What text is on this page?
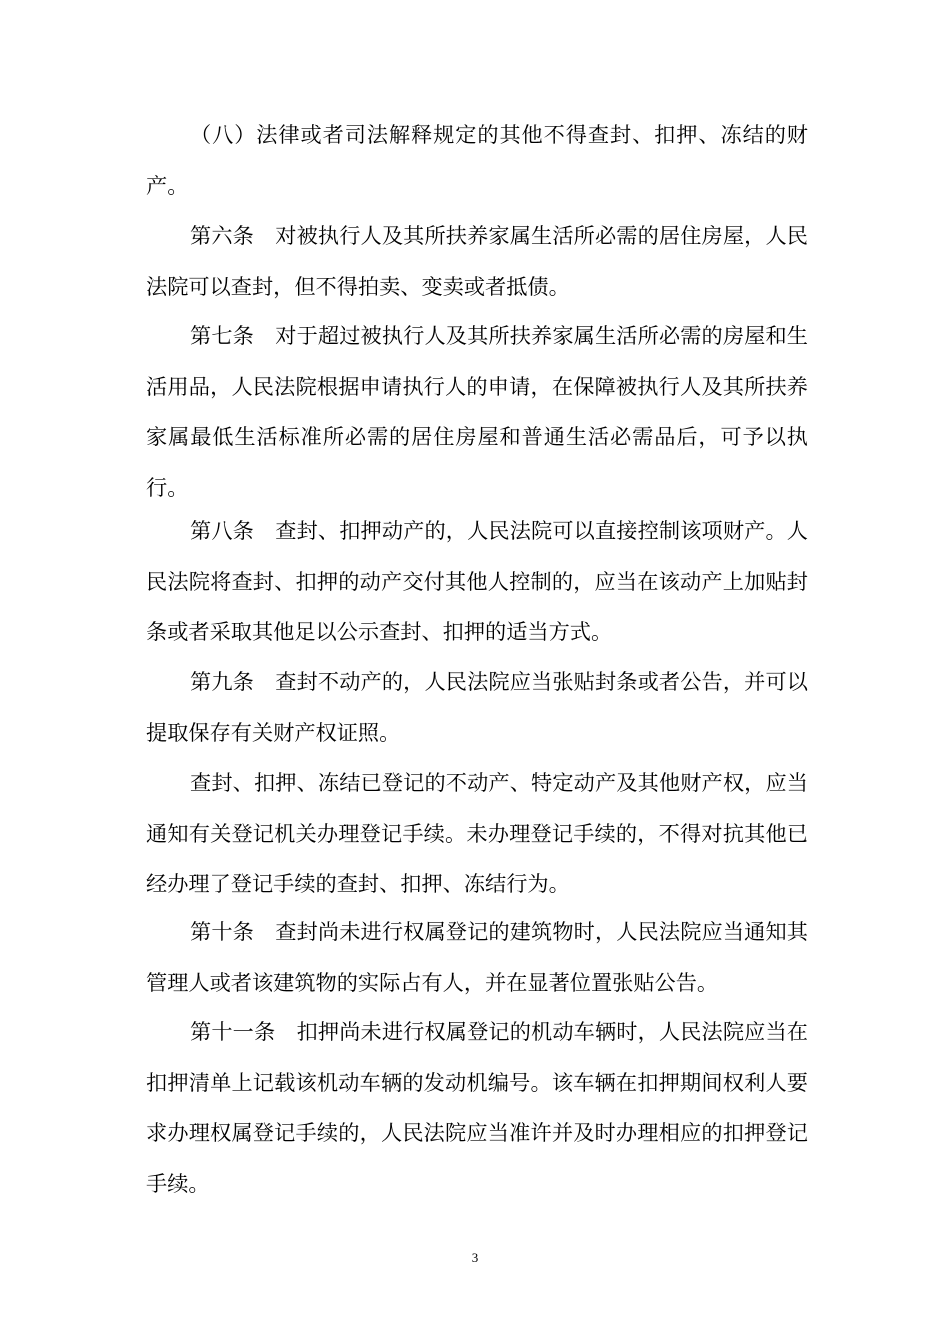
（八）法律或者司法解释规定的其他不得查封、扣押、冻结的财产。

第六条　对被执行人及其所扶养家属生活所必需的居住房屋，人民法院可以查封，但不得拍卖、变卖或者抵债。

第七条　对于超过被执行人及其所扶养家属生活所必需的房屋和生活用品，人民法院根据申请执行人的申请，在保障被执行人及其所扶养家属最低生活标准所必需的居住房屋和普通生活必需品后，可予以执行。

第八条　查封、扣押动产的，人民法院可以直接控制该项财产。人民法院将查封、扣押的动产交付其他人控制的，应当在该动产上加贴封条或者采取其他足以公示查封、扣押的适当方式。

第九条　查封不动产的，人民法院应当张贴封条或者公告，并可以提取保存有关财产权证照。

查封、扣押、冻结已登记的不动产、特定动产及其他财产权，应当通知有关登记机关办理登记手续。未办理登记手续的，不得对抗其他已经办理了登记手续的查封、扣押、冻结行为。

第十条　查封尚未进行权属登记的建筑物时，人民法院应当通知其管理人或者该建筑物的实际占有人，并在显著位置张贴公告。

第十一条　扣押尚未进行权属登记的机动车辆时，人民法院应当在扣押清单上记载该机动车辆的发动机编号。该车辆在扣押期间权利人要求办理权属登记手续的，人民法院应当准许并及时办理相应的扣押登记手续。

3
